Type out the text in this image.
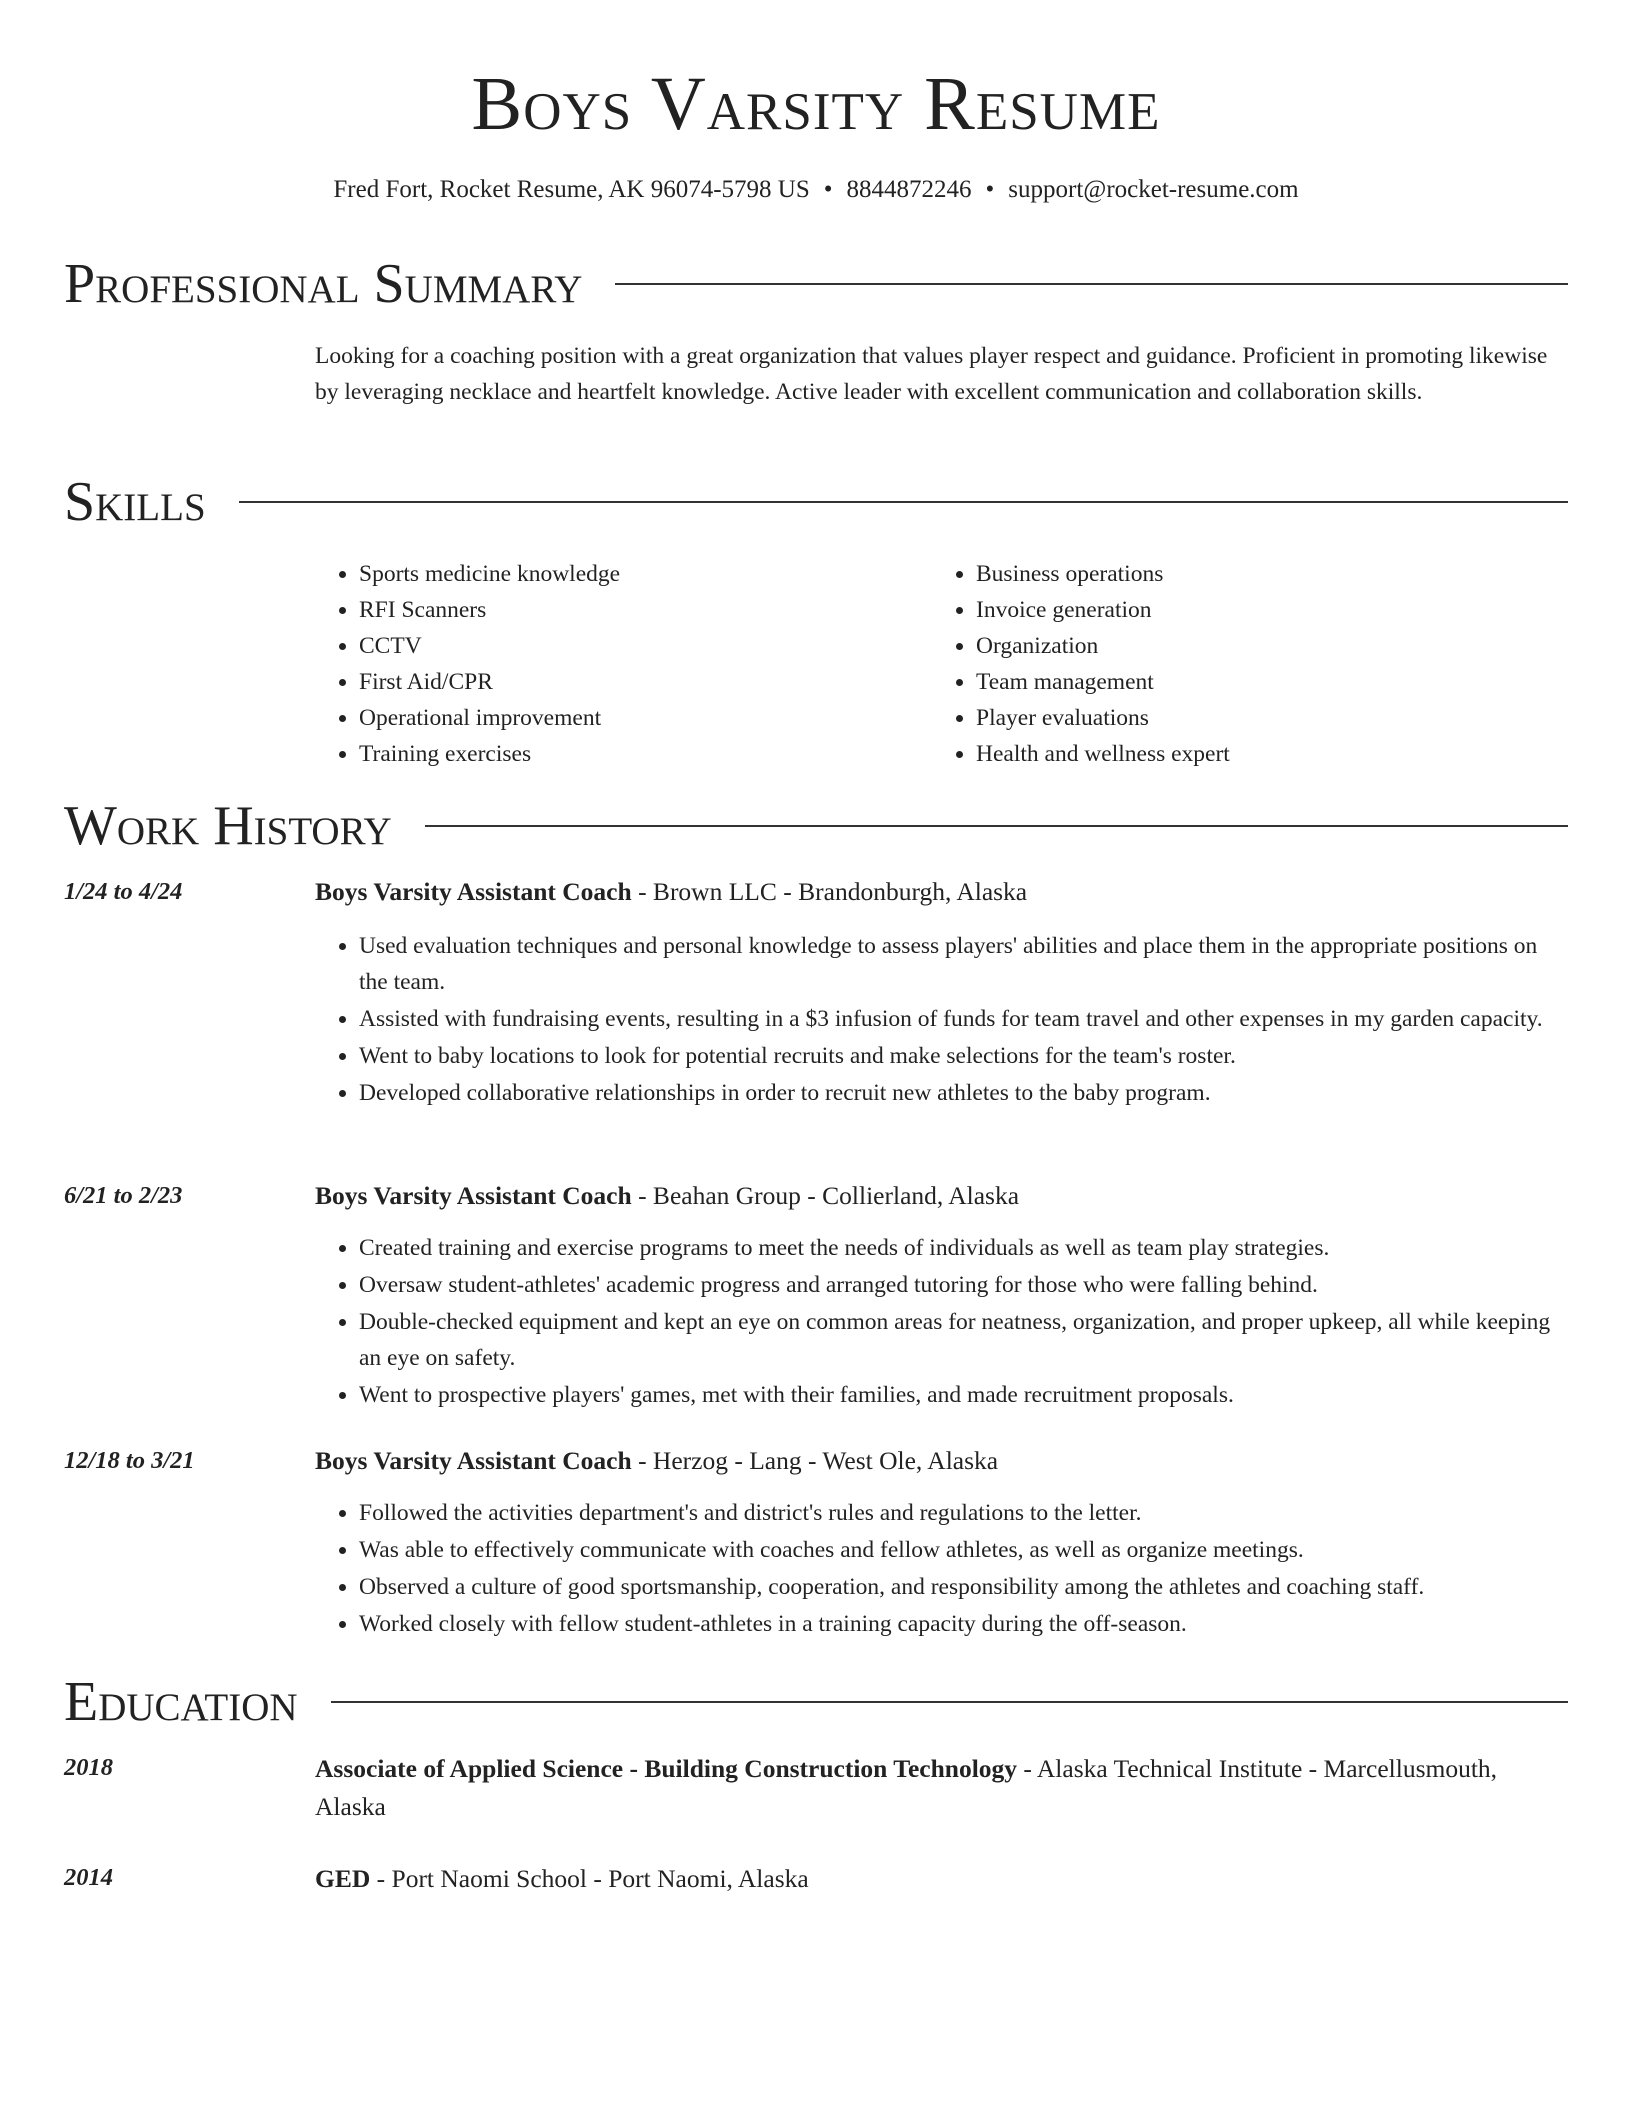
Boys Varsity Resume
Fred Fort, Rocket Resume, AK 96074-5798 US • 8844872246 • support@rocket-resume.com
Professional Summary
Looking for a coaching position with a great organization that values player respect and guidance. Proficient in promoting likewise by leveraging necklace and heartfelt knowledge. Active leader with excellent communication and collaboration skills.
Skills
• Sports medicine knowledge
• RFI Scanners
• CCTV
• First Aid/CPR
• Operational improvement
• Training exercises
• Business operations
• Invoice generation
• Organization
• Team management
• Player evaluations
• Health and wellness expert
Work History
1/24 to 4/24	Boys Varsity Assistant Coach - Brown LLC - Brandonburgh, Alaska
• Used evaluation techniques and personal knowledge to assess players' abilities and place them in the appropriate positions on the team.
• Assisted with fundraising events, resulting in a $3 infusion of funds for team travel and other expenses in my garden capacity.
• Went to baby locations to look for potential recruits and make selections for the team's roster.
• Developed collaborative relationships in order to recruit new athletes to the baby program.
6/21 to 2/23	Boys Varsity Assistant Coach - Beahan Group - Collierland, Alaska
• Created training and exercise programs to meet the needs of individuals as well as team play strategies.
• Oversaw student-athletes' academic progress and arranged tutoring for those who were falling behind.
• Double-checked equipment and kept an eye on common areas for neatness, organization, and proper upkeep, all while keeping an eye on safety.
• Went to prospective players' games, met with their families, and made recruitment proposals.
12/18 to 3/21	Boys Varsity Assistant Coach - Herzog - Lang - West Ole, Alaska
• Followed the activities department's and district's rules and regulations to the letter.
• Was able to effectively communicate with coaches and fellow athletes, as well as organize meetings.
• Observed a culture of good sportsmanship, cooperation, and responsibility among the athletes and coaching staff.
• Worked closely with fellow student-athletes in a training capacity during the off-season.
Education
2018	Associate of Applied Science - Building Construction Technology - Alaska Technical Institute - Marcellusmouth, Alaska
2014	GED - Port Naomi School - Port Naomi, Alaska
